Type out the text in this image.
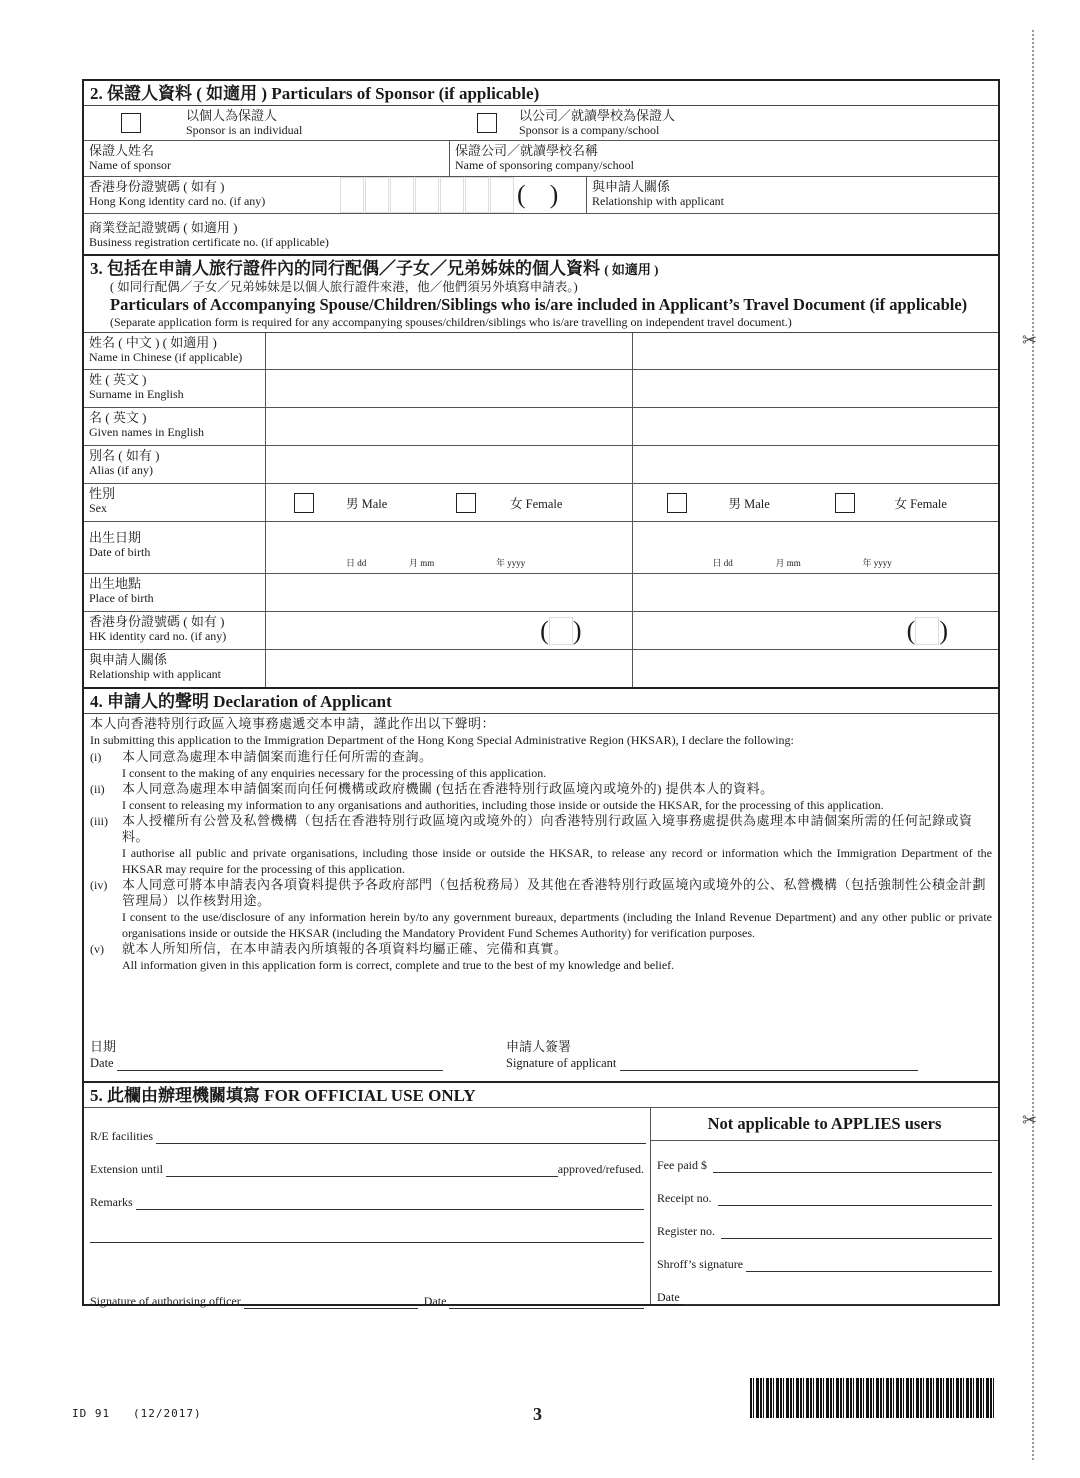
✂
✂
2. 保證人資料 ( 如適用 ) Particulars of Sponsor (if applicable)
以個人為保證人
Sponsor is an individual
以公司／就讀學校為保證人
Sponsor is a company/school
保證人姓名
Name of sponsor
保證公司／就讀學校名稱
Name of sponsoring company/school
香港身份證號碼 ( 如有 )
Hong Kong identity card no. (if any)	( )	與申請人關係
Relationship with applicant
商業登記證號碼 ( 如適用 )
Business registration certificate no. (if applicable)
3. 包括在申請人旅行證件內的同行配偶／子女／兄弟姊妹的個人資料 ( 如適用 )
( 如同行配偶／子女／兄弟姊妹是以個人旅行證件來港，他／他們須另外填寫申請表。)
Particulars of Accompanying Spouse/Children/Siblings who is/are included in Applicant’s Travel Document (if applicable)
(Separate application form is required for any accompanying spouses/children/siblings who is/are travelling on independent travel document.)
姓名 ( 中文 ) ( 如適用 )
Name in Chinese (if applicable)
姓 ( 英文 )
Surname in English
名 ( 英文 )
Given names in English
別名 ( 如有 )
Alias (if any)
性別
Sex	男 Male	女 Female	男 Male	女 Female
出生日期
Date of birth
日 dd	月 mm	年 yyyy	日 dd	月 mm	年 yyyy
出生地點
Place of birth
香港身份證號碼 ( 如有 )
HK identity card no. (if any)	( )	( )
與申請人關係
Relationship with applicant
4. 申請人的聲明 Declaration of Applicant
本人向香港特別行政區入境事務處遞交本申請，謹此作出以下聲明：
In submitting this application to the Immigration Department of the Hong Kong Special Administrative Region (HKSAR), I declare the following:
(i)	本人同意為處理本申請個案而進行任何所需的查詢。
I consent to the making of any enquiries necessary for the processing of this application.
(ii)	本人同意為處理本申請個案而向任何機構或政府機關 (包括在香港特別行政區境內或境外的) 提供本人的資料。
I consent to releasing my information to any organisations and authorities, including those inside or outside the HKSAR, for the processing of this application.
(iii)	本人授權所有公營及私營機構（包括在香港特別行政區境內或境外的）向香港特別行政區入境事務處提供為處理本申請個案所需的任何記錄或資料。
I authorise all public and private organisations, including those inside or outside the HKSAR, to release any record or information which the Immigration Department of the HKSAR may require for the processing of this application.
(iv)	本人同意可將本申請表內各項資料提供予各政府部門（包括稅務局）及其他在香港特別行政區境內或境外的公、私營機構（包括強制性公積金計劃管理局）以作核對用途。
I consent to the use/disclosure of any information herein by/to any government bureaux, departments (including the Inland Revenue Department) and any other public or private organisations inside or outside the HKSAR (including the Mandatory Provident Fund Schemes Authority) for verification purposes.
(v)	就本人所知所信，在本申請表內所填報的各項資料均屬正確、完備和真實。
All information given in this application form is correct, complete and true to the best of my knowledge and belief.
日期
Date
申請人簽署
Signature of applicant
5. 此欄由辦理機關填寫 FOR OFFICIAL USE ONLY
R/E facilities

Extension until
	approved/refused.
Remarks

Signature of authorising officer

	Date

Not applicable to APPLIES users
Fee paid $

Receipt no.

Register no.

Shroff’s signature

Date

ID 91   (12/2017)	3
